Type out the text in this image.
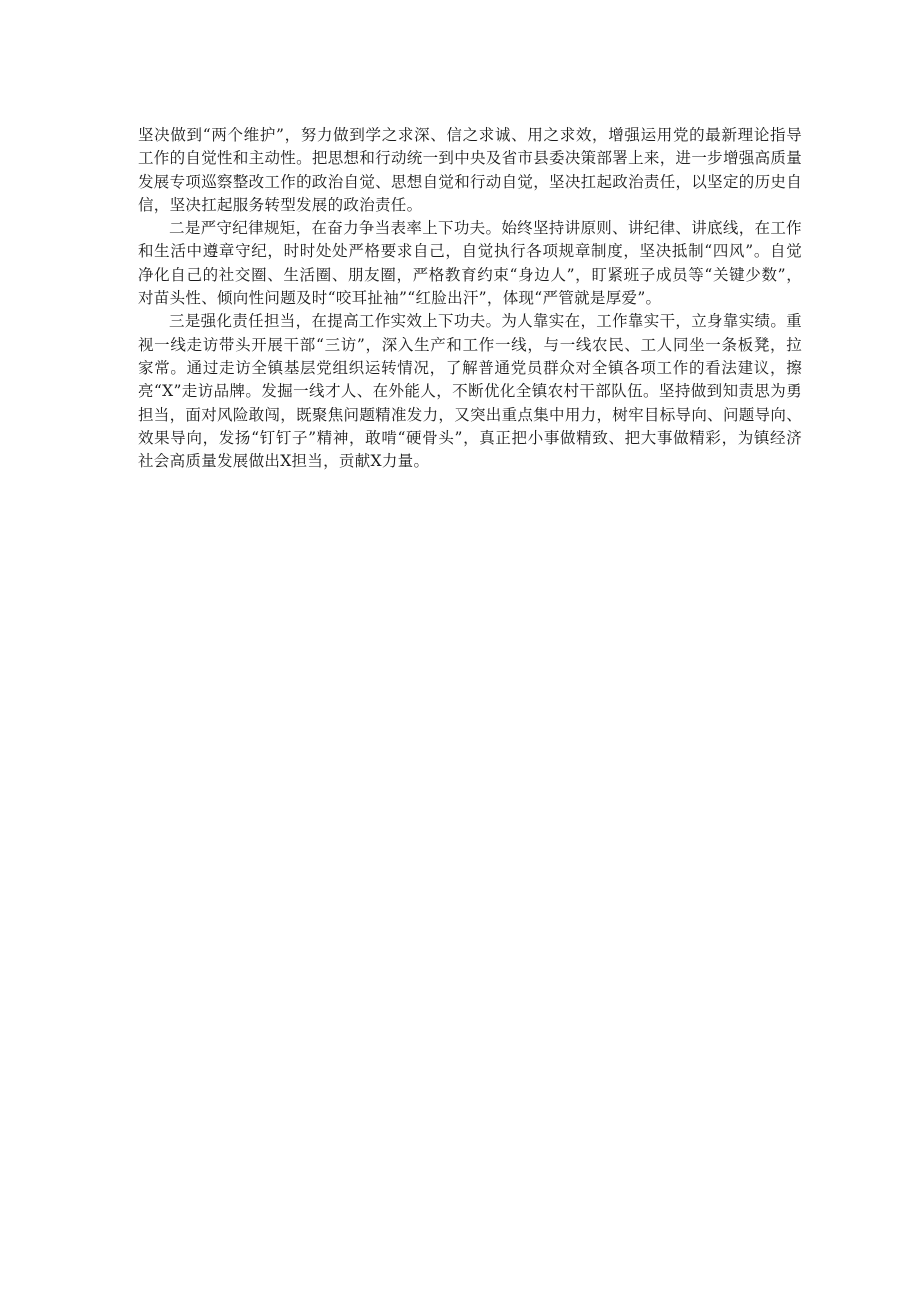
坚决做到“两个维护”，努力做到学之求深、信之求诚、用之求效，增强运用党的最新理论指导工作的自觉性和主动性。把思想和行动统一到中央及省市县委决策部署上来，进一步增强高质量发展专项巡察整改工作的政治自觉、思想自觉和行动自觉，坚决扛起政治责任，以坚定的历史自信，坚决扛起服务转型发展的政治责任。

二是严守纪律规矩，在奋力争当表率上下功夫。始终坚持讲原则、讲纪律、讲底线，在工作和生活中遵章守纪，时时处处严格要求自己，自觉执行各项规章制度，坚决抵制“四风”。自觉净化自己的社交圈、生活圈、朋友圈，严格教育约束“身边人”，盯紧班子成员等“关键少数”，对苗头性、倾向性问题及时“咬耳扯袖”“红脸出汗”，体现“严管就是厚爱”。

三是强化责任担当，在提高工作实效上下功夫。为人靠实在，工作靠实干，立身靠实绩。重视一线走访带头开展干部“三访”，深入生产和工作一线，与一线农民、工人同坐一条板凳，拉家常。通过走访全镇基层党组织运转情况，了解普通党员群众对全镇各项工作的看法建议，擦亮“X”走访品牌。发掘一线才人、在外能人，不断优化全镇农村干部队伍。坚持做到知责思为勇担当，面对风险敢闯，既聚焦问题精准发力，又突出重点集中用力，树牢目标导向、问题导向、效果导向，发扬“钉钉子”精神，敢啃“硬骨头”，真正把小事做精致、把大事做精彩，为镇经济社会高质量发展做出X担当，贡献X力量。
